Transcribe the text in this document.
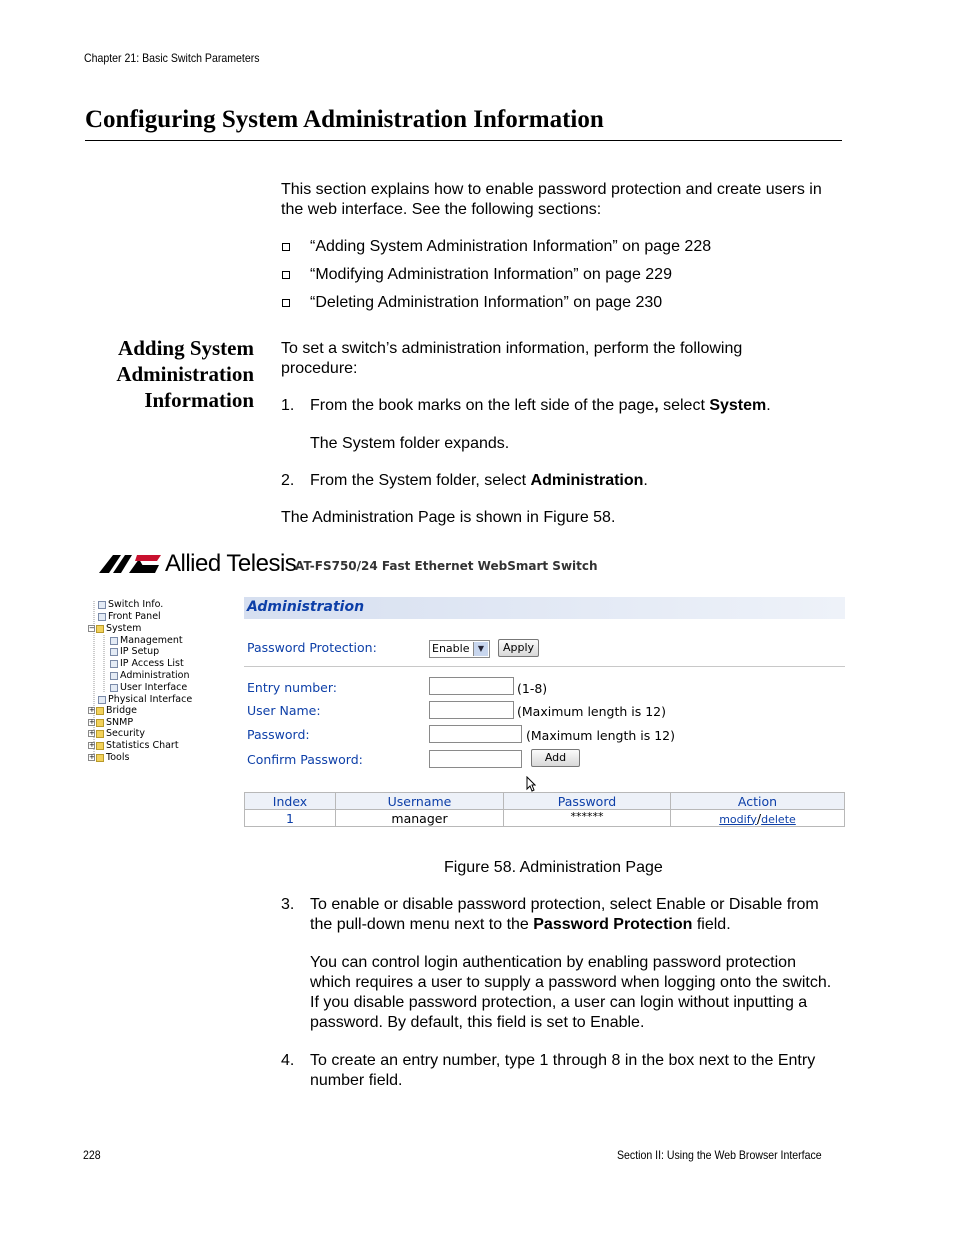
Chapter 21: Basic Switch Parameters
Configuring System Administration Information
This section explains how to enable password protection and create users in the web interface. See the following sections:
“Adding System Administration Information” on page 228
“Modifying Administration Information” on page 229
“Deleting Administration Information” on page 230
Adding System
Administration
Information
To set a switch’s administration information, perform the following procedure:
1. From the book marks on the left side of the page, select System.
The System folder expands.
2. From the System folder, select Administration.
The Administration Page is shown in Figure 58.
Allied Telesis
AT-FS750/24 Fast Ethernet WebSmart Switch
Switch Info.
Front Panel
− System
Management
IP Setup
IP Access List
Administration
User Interface
Physical Interface
+ Bridge
+ SNMP
+ Security
+ Statistics Chart
+ Tools
Administration
Password Protection:	Enable	▼	Apply
Entry number:	(1-8)
User Name:	(Maximum length is 12)
Password:	(Maximum length is 12)
Confirm Password:	Add
Index	Username	Password	Action
1	manager	******	modify/delete
Figure 58. Administration Page
3. To enable or disable password protection, select Enable or Disable from the pull-down menu next to the Password Protection field.
You can control login authentication by enabling password protection which requires a user to supply a password when logging onto the switch. If you disable password protection, a user can login without inputting a password. By default, this field is set to Enable.
4. To create an entry number, type 1 through 8 in the box next to the Entry number field.
228	Section II: Using the Web Browser Interface
